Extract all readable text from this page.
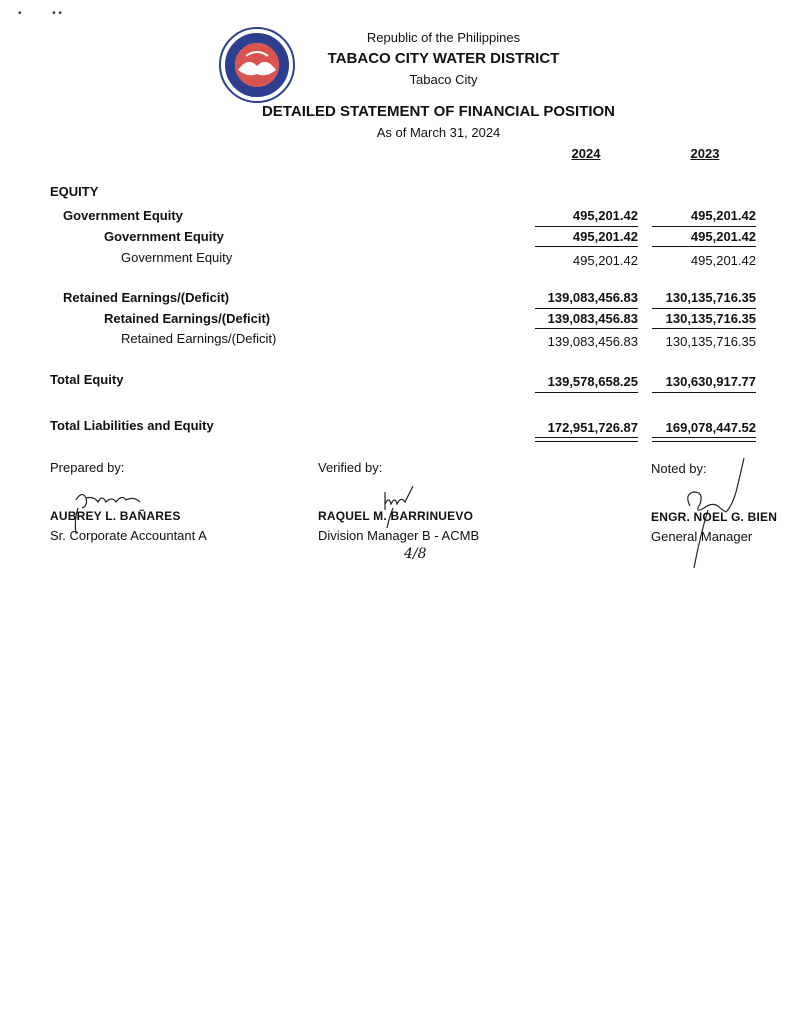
•           • •
1974
Republic of the Philippines
TABACO CITY WATER DISTRICT
Tabaco City
DETAILED STATEMENT OF FINANCIAL POSITION
As of March 31, 2024
2024	2023
EQUITY
Government Equity	495,201.42	495,201.42
Government Equity	495,201.42	495,201.42
Government Equity	495,201.42	495,201.42
Retained Earnings/(Deficit)	139,083,456.83	130,135,716.35
Retained Earnings/(Deficit)	139,083,456.83	130,135,716.35
Retained Earnings/(Deficit)	139,083,456.83	130,135,716.35
Total Equity	139,578,658.25	130,630,917.77
Total Liabilities and Equity	172,951,726.87	169,078,447.52
Prepared by:
AUBREY L. BAÑARES
Sr. Corporate Accountant A
Verified by:
RAQUEL M. BARRINUEVO
Division Manager B - ACMB
4/8
Noted by:
ENGR. NOEL G. BIEN
General Manager
